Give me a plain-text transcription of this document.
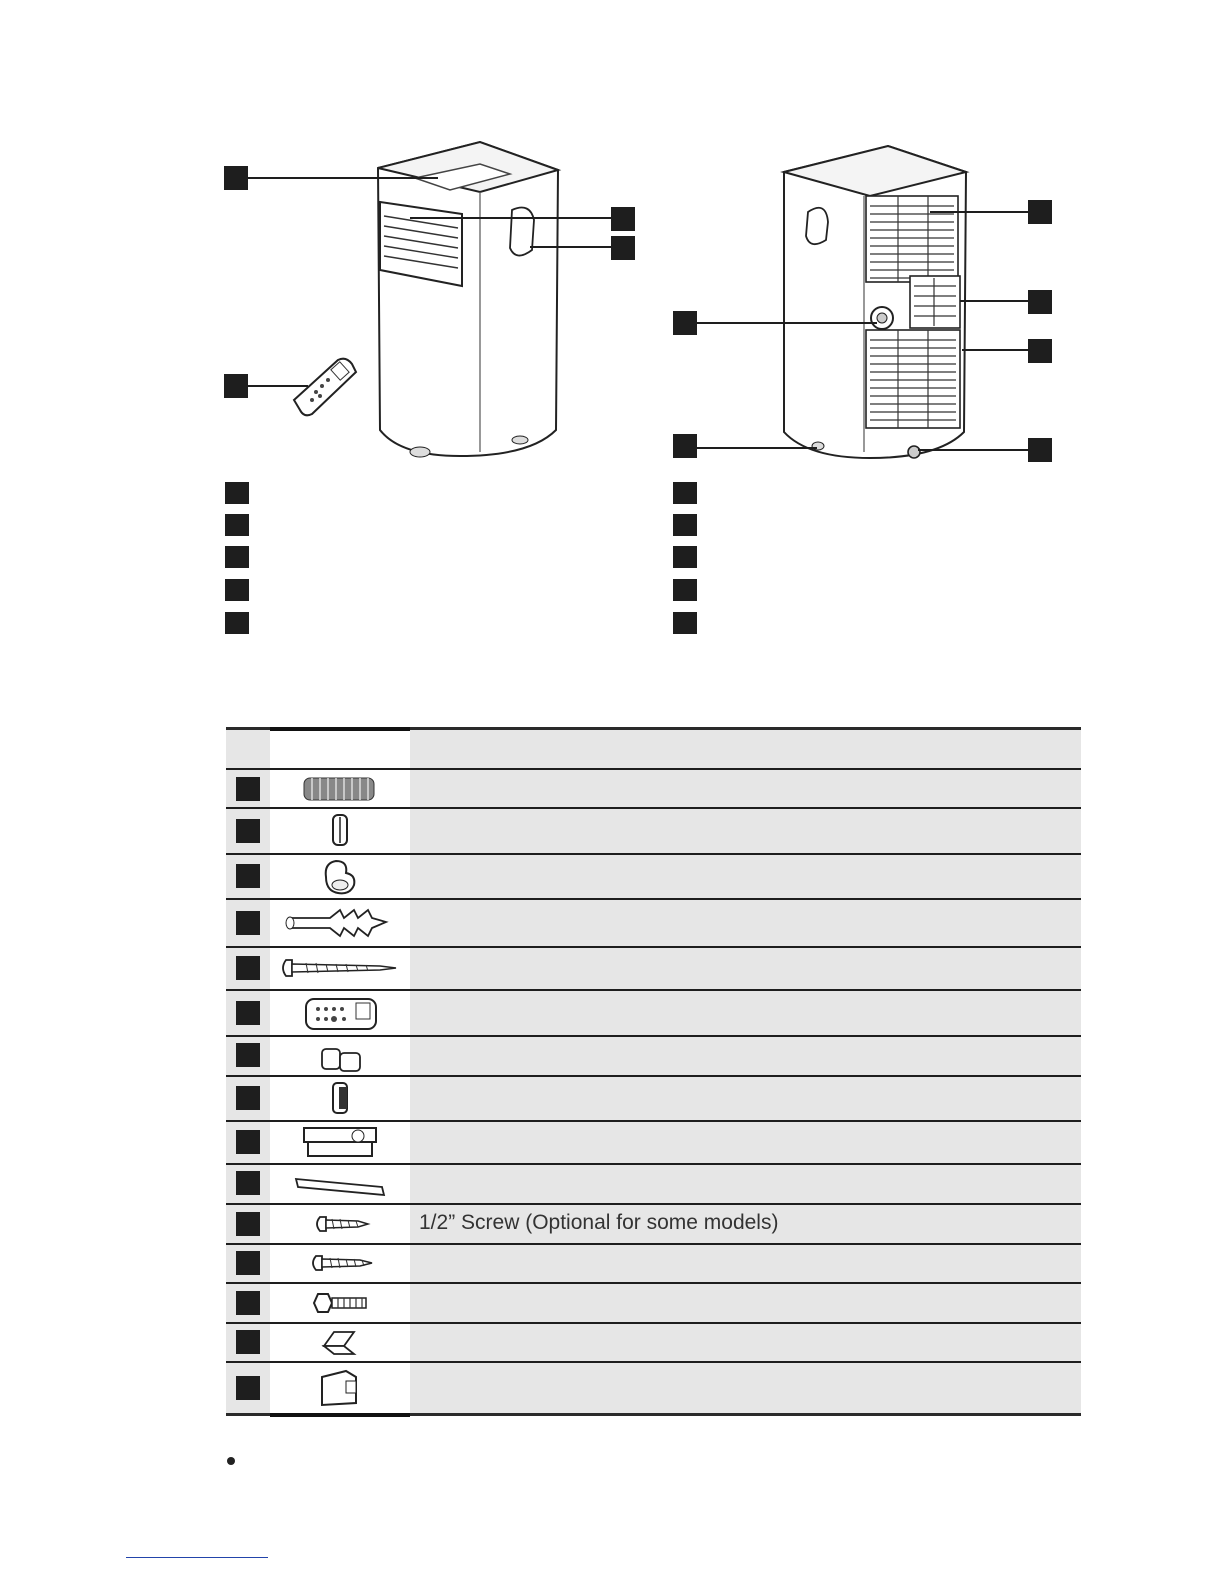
1/2” Screw (Optional for some models)
